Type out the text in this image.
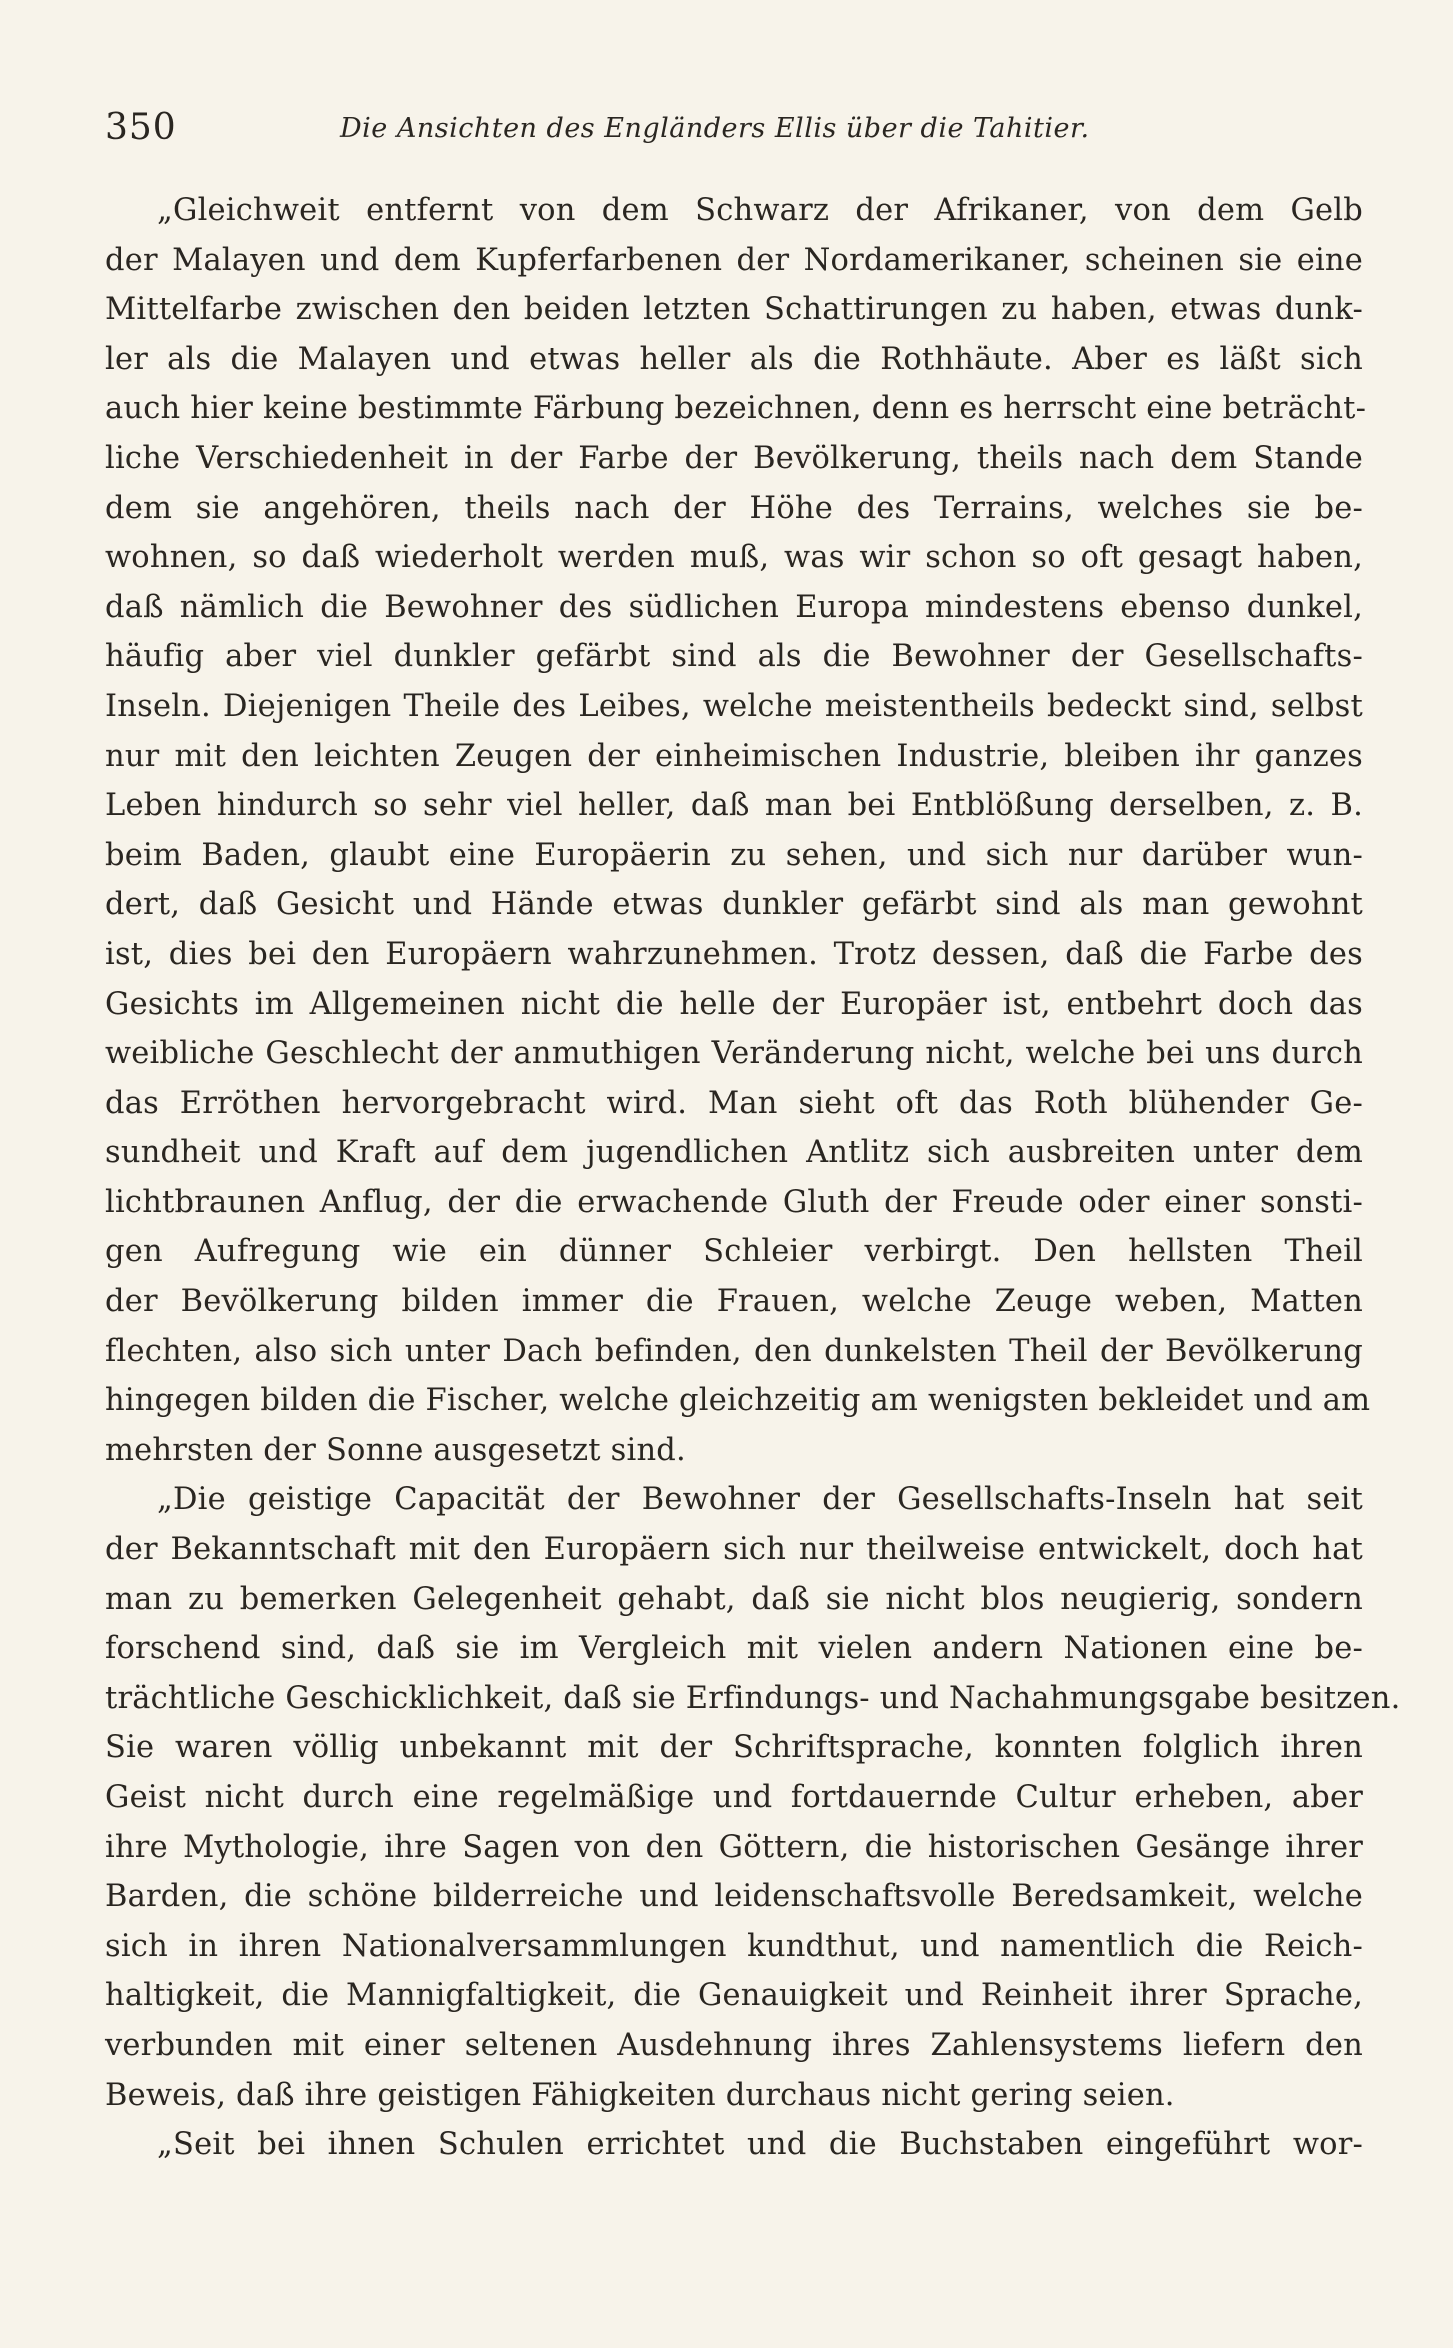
350	Die Ansichten des Engländers Ellis über die Tahitier.
„Gleichweit entfernt von dem Schwarz der Afrikaner, von dem Gelb
der Malayen und dem Kupferfarbenen der Nordamerikaner, scheinen sie eine
Mittelfarbe zwischen den beiden letzten Schattirungen zu haben, etwas dunk-
ler als die Malayen und etwas heller als die Rothhäute. Aber es läßt sich
auch hier keine bestimmte Färbung bezeichnen, denn es herrscht eine beträcht-
liche Verschiedenheit in der Farbe der Bevölkerung, theils nach dem Stande
dem sie angehören, theils nach der Höhe des Terrains, welches sie be-
wohnen, so daß wiederholt werden muß, was wir schon so oft gesagt haben,
daß nämlich die Bewohner des südlichen Europa mindestens ebenso dunkel,
häufig aber viel dunkler gefärbt sind als die Bewohner der Gesellschafts-
Inseln. Diejenigen Theile des Leibes, welche meistentheils bedeckt sind, selbst
nur mit den leichten Zeugen der einheimischen Industrie, bleiben ihr ganzes
Leben hindurch so sehr viel heller, daß man bei Entblößung derselben, z. B.
beim Baden, glaubt eine Europäerin zu sehen, und sich nur darüber wun-
dert, daß Gesicht und Hände etwas dunkler gefärbt sind als man gewohnt
ist, dies bei den Europäern wahrzunehmen. Trotz dessen, daß die Farbe des
Gesichts im Allgemeinen nicht die helle der Europäer ist, entbehrt doch das
weibliche Geschlecht der anmuthigen Veränderung nicht, welche bei uns durch
das Erröthen hervorgebracht wird. Man sieht oft das Roth blühender Ge-
sundheit und Kraft auf dem jugendlichen Antlitz sich ausbreiten unter dem
lichtbraunen Anflug, der die erwachende Gluth der Freude oder einer sonsti-
gen Aufregung wie ein dünner Schleier verbirgt. Den hellsten Theil
der Bevölkerung bilden immer die Frauen, welche Zeuge weben, Matten
flechten, also sich unter Dach befinden, den dunkelsten Theil der Bevölkerung
hingegen bilden die Fischer, welche gleichzeitig am wenigsten bekleidet und am
mehrsten der Sonne ausgesetzt sind.
„Die geistige Capacität der Bewohner der Gesellschafts-Inseln hat seit
der Bekanntschaft mit den Europäern sich nur theilweise entwickelt, doch hat
man zu bemerken Gelegenheit gehabt, daß sie nicht blos neugierig, sondern
forschend sind, daß sie im Vergleich mit vielen andern Nationen eine be-
trächtliche Geschicklichkeit, daß sie Erfindungs- und Nachahmungsgabe besitzen.
Sie waren völlig unbekannt mit der Schriftsprache, konnten folglich ihren
Geist nicht durch eine regelmäßige und fortdauernde Cultur erheben, aber
ihre Mythologie, ihre Sagen von den Göttern, die historischen Gesänge ihrer
Barden, die schöne bilderreiche und leidenschaftsvolle Beredsamkeit, welche
sich in ihren Nationalversammlungen kundthut, und namentlich die Reich-
haltigkeit, die Mannigfaltigkeit, die Genauigkeit und Reinheit ihrer Sprache,
verbunden mit einer seltenen Ausdehnung ihres Zahlensystems liefern den
Beweis, daß ihre geistigen Fähigkeiten durchaus nicht gering seien.
„Seit bei ihnen Schulen errichtet und die Buchstaben eingeführt wor-
